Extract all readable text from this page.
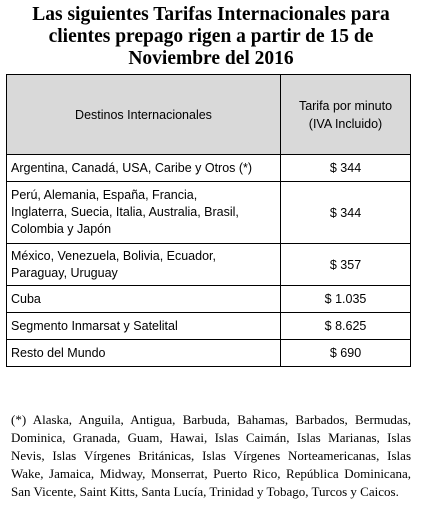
Las siguientes Tarifas Internacionales para
clientes prepago rigen a partir de 15 de
Noviembre del 2016
Destinos Internacionales	Tarifa por minuto
(IVA Incluido)

Argentina, Canadá, USA, Caribe y Otros (*)	$ 344

Perú, Alemania, España, Francia,
Inglaterra, Suecia, Italia, Australia, Brasil,
Colombia y Japón	$ 344

México, Venezuela, Bolivia, Ecuador,
Paraguay, Uruguay	$ 357

Cuba	$ 1.035

Segmento Inmarsat y Satelital	$ 8.625

Resto del Mundo	$ 690
(*) Alaska, Anguila, Antigua, Barbuda, Bahamas, Barbados, Bermudas, Dominica, Granada, Guam, Hawai, Islas Caimán, Islas Marianas, Islas Nevis, Islas Vírgenes Británicas, Islas Vírgenes Norteamericanas, Islas Wake, Jamaica, Midway, Monserrat, Puerto Rico, República Dominicana, San Vicente, Saint Kitts, Santa Lucía, Trinidad y Tobago, Turcos y Caicos.
